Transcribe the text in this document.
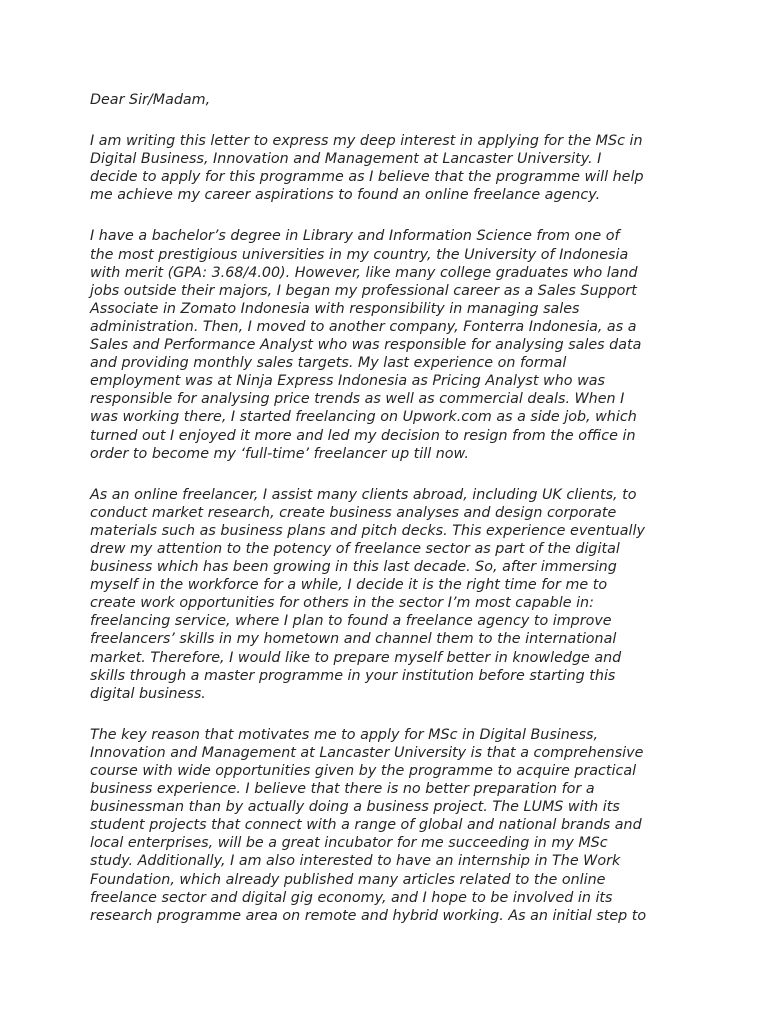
Dear Sir/Madam,
I am writing this letter to express my deep interest in applying for the MSc in
Digital Business, Innovation and Management at Lancaster University. I
decide to apply for this programme as I believe that the programme will help
me achieve my career aspirations to found an online freelance agency.
I have a bachelor’s degree in Library and Information Science from one of
the most prestigious universities in my country, the University of Indonesia
with merit (GPA: 3.68/4.00). However, like many college graduates who land
jobs outside their majors, I began my professional career as a Sales Support
Associate in Zomato Indonesia with responsibility in managing sales
administration. Then, I moved to another company, Fonterra Indonesia, as a
Sales and Performance Analyst who was responsible for analysing sales data
and providing monthly sales targets. My last experience on formal
employment was at Ninja Express Indonesia as Pricing Analyst who was
responsible for analysing price trends as well as commercial deals. When I
was working there, I started freelancing on Upwork.com as a side job, which
turned out I enjoyed it more and led my decision to resign from the office in
order to become my ‘full-time’ freelancer up till now.
As an online freelancer, I assist many clients abroad, including UK clients, to
conduct market research, create business analyses and design corporate
materials such as business plans and pitch decks. This experience eventually
drew my attention to the potency of freelance sector as part of the digital
business which has been growing in this last decade. So, after immersing
myself in the workforce for a while, I decide it is the right time for me to
create work opportunities for others in the sector I’m most capable in:
freelancing service, where I plan to found a freelance agency to improve
freelancers’ skills in my hometown and channel them to the international
market. Therefore, I would like to prepare myself better in knowledge and
skills through a master programme in your institution before starting this
digital business.
The key reason that motivates me to apply for MSc in Digital Business,
Innovation and Management at Lancaster University is that a comprehensive
course with wide opportunities given by the programme to acquire practical
business experience. I believe that there is no better preparation for a
businessman than by actually doing a business project. The LUMS with its
student projects that connect with a range of global and national brands and
local enterprises, will be a great incubator for me succeeding in my MSc
study. Additionally, I am also interested to have an internship in The Work
Foundation, which already published many articles related to the online
freelance sector and digital gig economy, and I hope to be involved in its
research programme area on remote and hybrid working. As an initial step to
